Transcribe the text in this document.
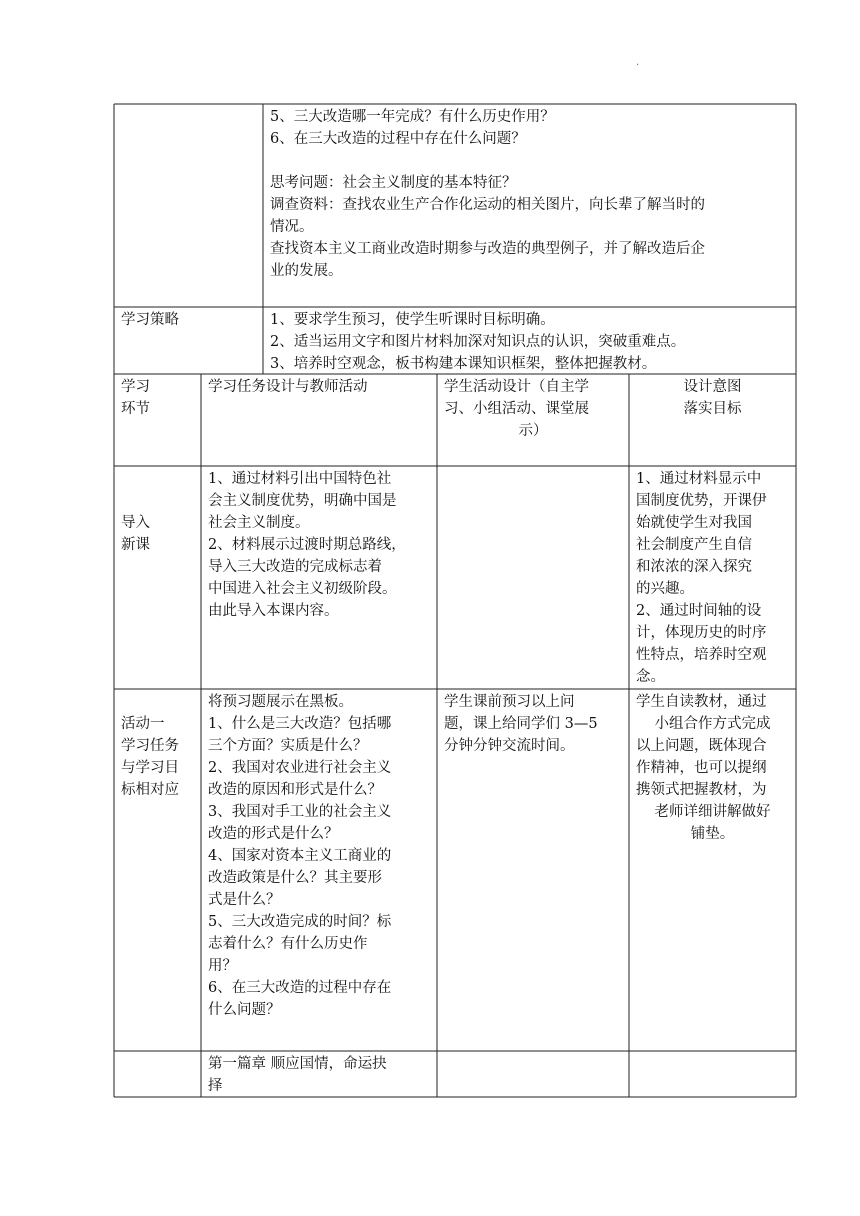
.
5、三大改造哪一年完成？有什么历史作用？
6、在三大改造的过程中存在什么问题？
思考问题：社会主义制度的基本特征？
调查资料：查找农业生产合作化运动的相关图片，向长辈了解当时的
情况。
查找资本主义工商业改造时期参与改造的典型例子，并了解改造后企
业的发展。
学习策略	1、要求学生预习，使学生听课时目标明确。
2、适当运用文字和图片材料加深对知识点的认识，突破重难点。
3、培养时空观念，板书构建本课知识框架，整体把握教材。
学习
环节
学习任务设计与教师活动	学生活动设计（自主学
习、小组活动、课堂展
示）
设计意图
落实目标
导入
新课
1、通过材料引出中国特色社
会主义制度优势，明确中国是
社会主义制度。
2、材料展示过渡时期总路线，
导入三大改造的完成标志着
中国进入社会主义初级阶段。
由此导入本课内容。
1、通过材料显示中
国制度优势，开课伊
始就使学生对我国
社会制度产生自信
和浓浓的深入探究
的兴趣。
2、通过时间轴的设
计，体现历史的时序
性特点，培养时空观
念。
活动一
学习任务
与学习目
标相对应
将预习题展示在黑板。
1、什么是三大改造？包括哪
三个方面？实质是什么？
2、我国对农业进行社会主义
改造的原因和形式是什么？
3、我国对手工业的社会主义
改造的形式是什么？
4、国家对资本主义工商业的
改造政策是什么？其主要形
式是什么？
5、三大改造完成的时间？标
志着什么？有什么历史作
用？
6、在三大改造的过程中存在
什么问题？
学生课前预习以上问
题，课上给同学们 3—5
分钟分钟交流时间。
学生自读教材，通过
小组合作方式完成
以上问题，既体现合
作精神，也可以提纲
携领式把握教材，为
老师详细讲解做好
铺垫。
第一篇章 顺应国情，命运抉
择
